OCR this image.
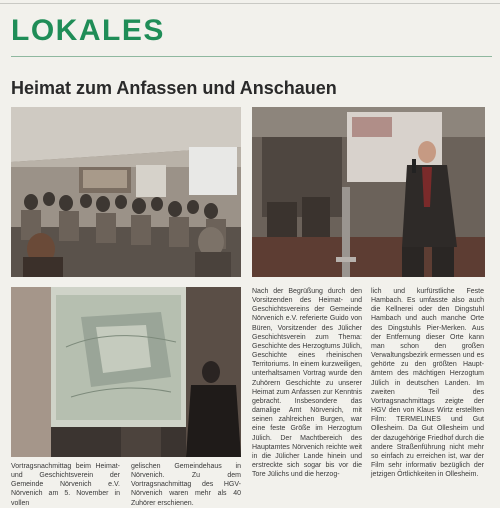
LOKALES
Heimat zum Anfassen und Anschauen
Vortragsnachmittag beim Heimat- und Geschichtsverein der Gemeinde Nörvenich e.V. Nörvenich am 5. November in vollen
gelischen Gemeindehaus in Nörvenich. Zu dem Vortragsnachmittag des HGV-Nörvenich waren mehr als 40 Zuhörer erschienen.
Nach der Begrüßung durch den Vorsitzenden des Heimat- und Geschichtsvereins der Gemeinde Nörvenich e.V. referierte Guido von Büren, Vorsitzender des Jülicher Geschichtsverein zum Thema: Geschichte des Herzogtums Jülich, Geschichte eines rheinischen Territoriums. In einem kurzweiligen, unterhaltsamen Vortrag wurde den Zuhörern Geschichte zu unserer Heimat zum Anfassen zur Kenntnis gebracht. Insbesondere das damalige Amt Nörvenich, mit seinen zahlreichen Burgen, war eine feste Größe im Herzogtum Jülich. Der Machtbereich des Hauptamtes Nörvenich reichte weit in die Jülicher Lande hinein und erstreckte sich sogar bis vor die Tore Jülichs und die herzog-
lich und kurfürstliche Feste Hambach. Es umfasste also auch die Kellnerei oder den Dingstuhl Hambach und auch manche Orte des Dingstuhls Pier-Merken. Aus der Entfernung dieser Orte kann man schon den großen Verwaltungsbezirk ermessen und es gehörte zu den größten Hauptämtern des mächtigen Herzogtum Jülich in deutschen Landen. Im zweiten Teil des Vortragsnachmittags zeigte der HGV den von Klaus Wirtz erstellten Film: TERMELINES und Gut Ollesheim. Da Gut Ollesheim und der dazugehörige Friedhof durch die andere Straßenführung nicht mehr so einfach zu erreichen ist, war der Film sehr informativ bezüglich der jetzigen Örtlichkeiten in Ollesheim.
